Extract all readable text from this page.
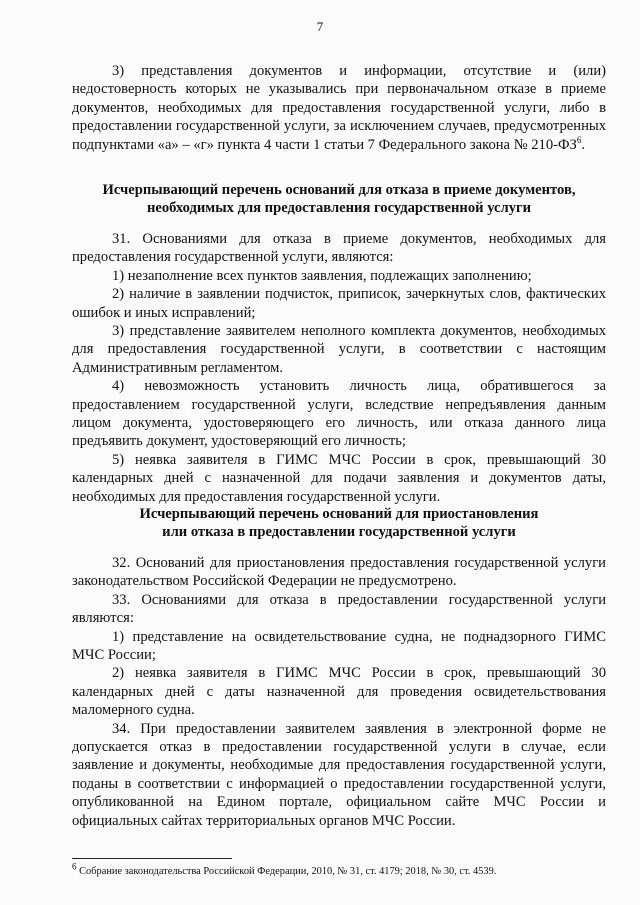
7

3) представления документов и информации, отсутствие и (или) недостоверность которых не указывались при первоначальном отказе в приеме документов, необходимых для предоставления государственной услуги, либо в предоставлении государственной услуги, за исключением случаев, предусмотренных подпунктами «а» – «г» пункта 4 части 1 статьи 7 Федерального закона № $210-ФЗ^6$.

Исчерпывающий перечень оснований для отказа в приеме документов, необходимых для предоставления государственной услуги

31. Основаниями для отказа в приеме документов, необходимых для предоставления государственной услуги, являются:

1) незаполнение всех пунктов заявления, подлежащих заполнению;

2) наличие в заявлении подчисток, приписок, зачеркнутых слов, фактических ошибок и иных исправлений;

3) представление заявителем неполного комплекта документов, необходимых для предоставления государственной услуги, в соответствии с настоящим Административным регламентом.

4) невозможность установить личность лица, обратившегося за предоставлением государственной услуги, вследствие непредъявления данным лицом документа, удостоверяющего его личность, или отказа данного лица предъявить документ, удостоверяющий его личность;

5) неявка заявителя в ГИМС МЧС России в срок, превышающий 30 календарных дней с назначенной для подачи заявления и документов даты, необходимых для предоставления государственной услуги.

Исчерпывающий перечень оснований для приостановления

или отказа в предоставлении государственной услуги

32. Оснований для приостановления предоставления государственной услуги законодательством Российской Федерации не предусмотрено.

33. Основаниями для отказа в предоставлении государственной услуги являются:

1) представление на освидетельствование судна, не поднадзорного ГИМС МЧС России;

2) неявка заявителя в ГИМС МЧС России в срок, превышающий 30 календарных дней с даты назначенной для проведения освидетельствования маломерного судна.

34. При предоставлении заявителем заявления в электронной форме не допускается отказ в предоставлении государственной услуги в случае, если заявление и документы, необходимые для предоставления государственной услуги, поданы в соответствии с информацией о предоставлении государственной услуги, опубликованной на Едином портале, официальном сайте МЧС России и официальных сайтах территориальных органов МЧС России.

$^6$ Собрание законодательства Российской Федерации, 2010, № 31, ст. 4179; 2018, № 30, ст. 4539.
